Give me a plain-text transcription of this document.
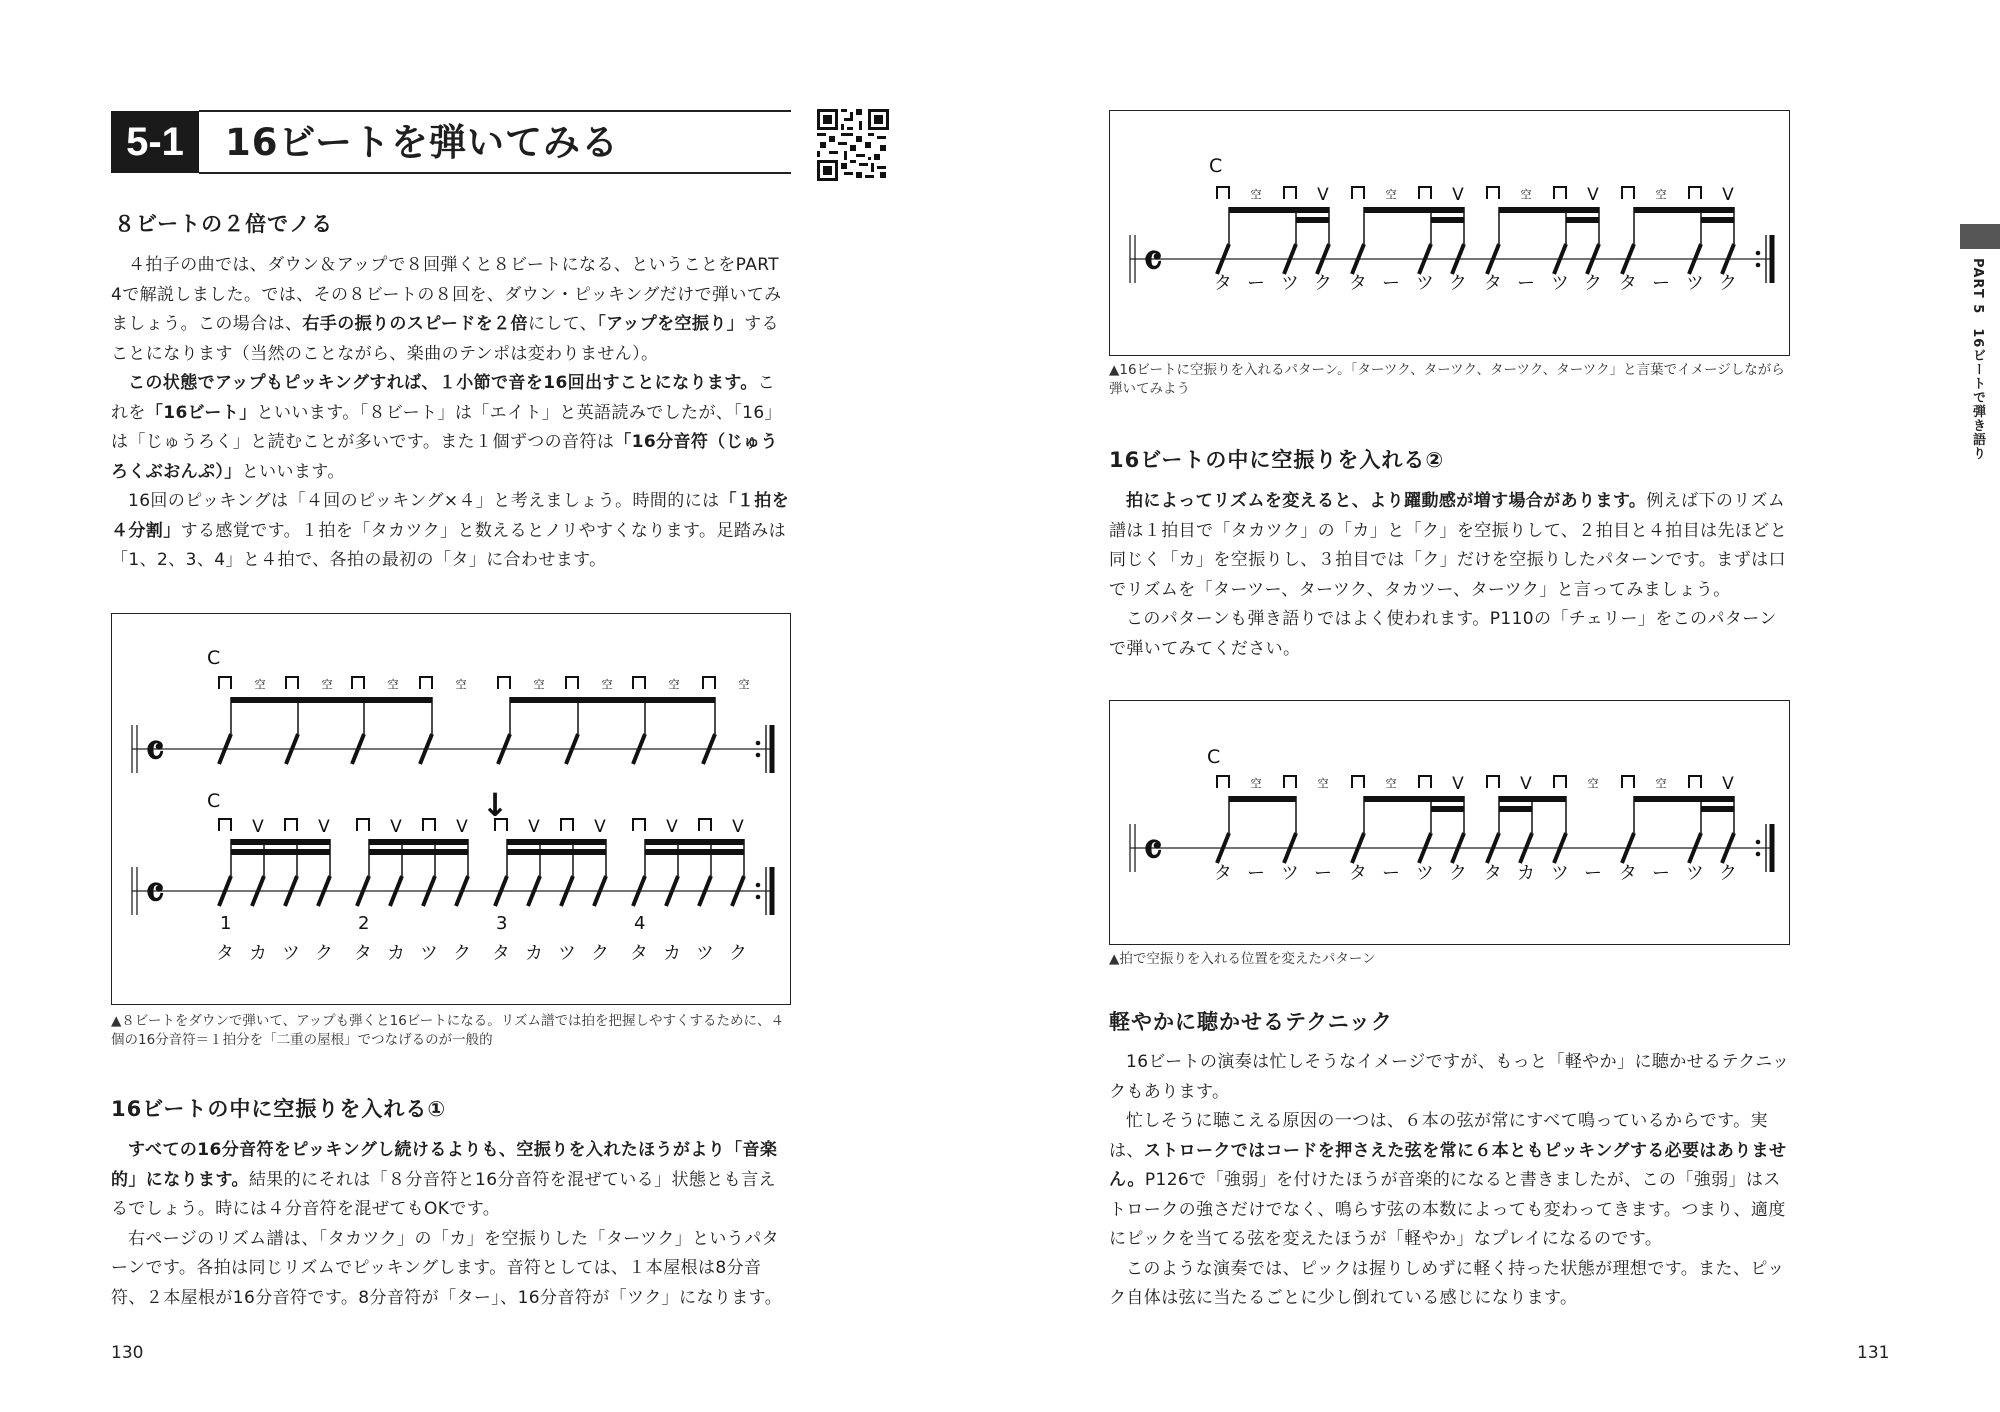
5-1 16ビートを弾いてみる
８ビートの２倍でノる

４拍子の曲では、ダウン＆アップで８回弾くと８ビートになる、ということをPART 4で解説しました。では、その８ビートの８回を、ダウン・ピッキングだけで弾いてみましょう。この場合は、右手の振りのスピードを２倍にして、「アップを空振り」することになります（当然のことながら、楽曲のテンポは変わりません）。

この状態でアップもピッキングすれば、１小節で音を16回出すことになります。これを「16ビート」といいます。「８ビート」は「エイト」と英語読みでしたが、「16」は「じゅうろく」と読むことが多いです。また１個ずつの音符は「16分音符（じゅうろくぶおんぷ）」といいます。

16回のピッキングは「４回のピッキング×４」と考えましょう。時間的には「１拍を４分割」する感覚です。１拍を「タカツク」と数えるとノリやすくなります。足踏みは「1、2、3、4」と４拍で、各拍の最初の「タ」に合わせます。

C
𝄴
空	空	空	空	空	空	空	空
↓
C
𝄴
V	V
1
タ カ ツ ク
V	V
2
タ カ ツ ク
V	V
3
タ カ ツ ク
V	V
4
タ カ ツ ク
▲８ビートをダウンで弾いて、アップも弾くと16ビートになる。リズム譜では拍を把握しやすくするために、４個の16分音符＝１拍分を「二重の屋根」でつなげるのが一般的
16ビートの中に空振りを入れる①

すべての16分音符をピッキングし続けるよりも、空振りを入れたほうがより「音楽的」になります。結果的にそれは「８分音符と16分音符を混ぜている」状態とも言えるでしょう。時には４分音符を混ぜてもOKです。

右ページのリズム譜は、「タカツク」の「カ」を空振りした「ターツク」というパターンです。各拍は同じリズムでピッキングします。音符としては、１本屋根は8分音符、２本屋根が16分音符です。8分音符が「ター」、16分音符が「ツク」になります。

130
C
𝄴
空	V
タ ー ツ ク
空	V
タ ー ツ ク
空	V
タ ー ツ ク
空	V
タ ー ツ ク
▲16ビートに空振りを入れるパターン。「ターツク、ターツク、ターツク、ターツク」と言葉でイメージしながら弾いてみよう
16ビートの中に空振りを入れる②

拍によってリズムを変えると、より躍動感が増す場合があります。例えば下のリズム譜は１拍目で「タカツク」の「カ」と「ク」を空振りして、２拍目と４拍目は先ほどと同じく「カ」を空振りし、３拍目では「ク」だけを空振りしたパターンです。まずは口でリズムを「ターツー、ターツク、タカツー、ターツク」と言ってみましょう。

このパターンも弾き語りではよく使われます。P110の「チェリー」をこのパターンで弾いてみてください。

C
𝄴
空	空
タ ー ツ ー
空	V
タ ー ツ ク
V	空
タ カ ツ ー
空	V
タ ー ツ ク
▲拍で空振りを入れる位置を変えたパターン
軽やかに聴かせるテクニック

16ビートの演奏は忙しそうなイメージですが、もっと「軽やか」に聴かせるテクニックもあります。

忙しそうに聴こえる原因の一つは、６本の弦が常にすべて鳴っているからです。実は、ストロークではコードを押さえた弦を常に６本ともピッキングする必要はありません。P126で「強弱」を付けたほうが音楽的になると書きましたが、この「強弱」はストロークの強さだけでなく、鳴らす弦の本数によっても変わってきます。つまり、適度にピックを当てる弦を変えたほうが「軽やか」なプレイになるのです。

このような演奏では、ピックは握りしめずに軽く持った状態が理想です。また、ピック自体は弦に当たるごとに少し倒れている感じになります。

131
PART 5　16ビートで弾き語り
